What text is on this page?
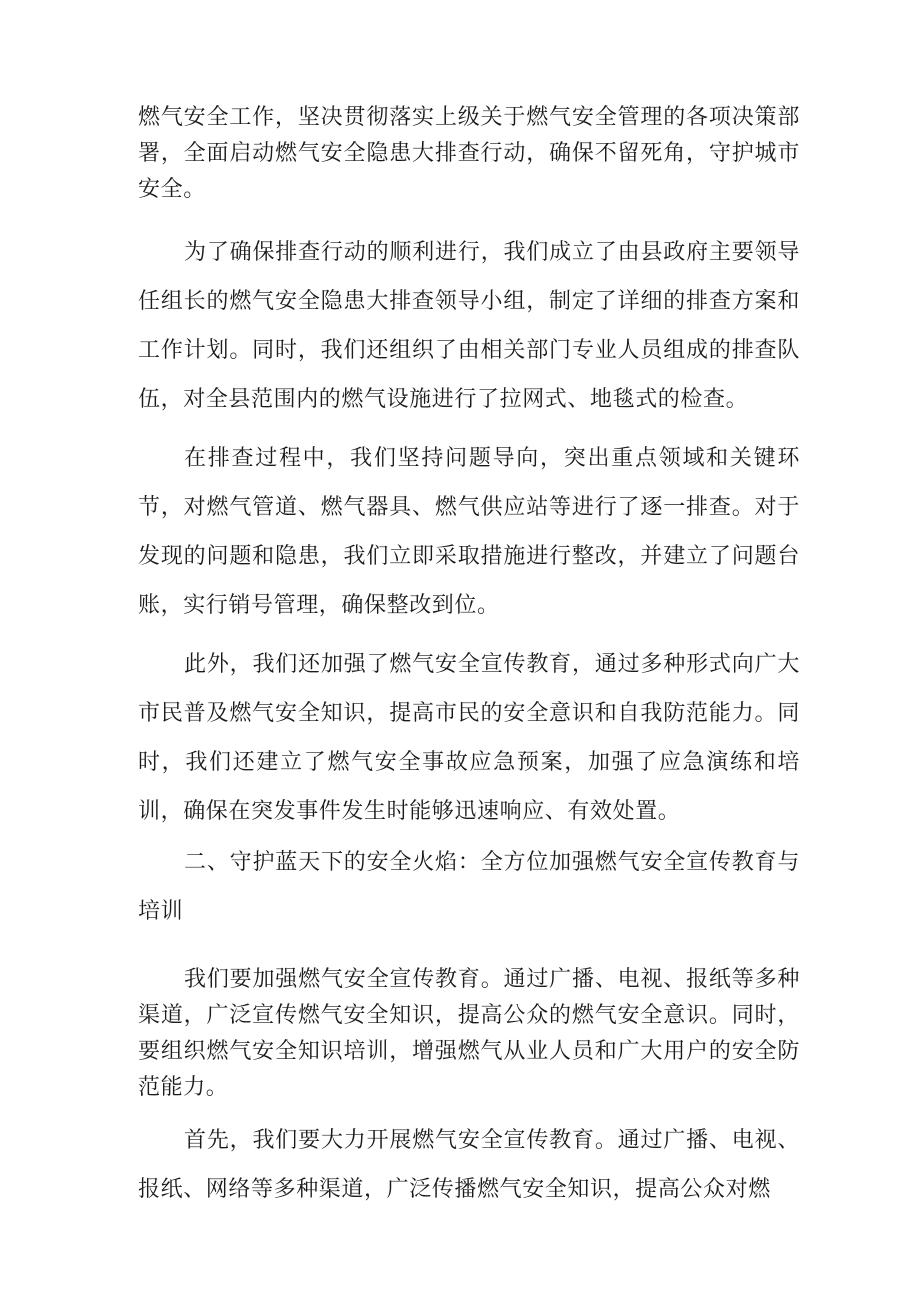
燃气安全工作，坚决贯彻落实上级关于燃气安全管理的各项决策部署，全面启动燃气安全隐患大排查行动，确保不留死角，守护城市安全。

为了确保排查行动的顺利进行，我们成立了由县政府主要领导任组长的燃气安全隐患大排查领导小组，制定了详细的排查方案和工作计划。同时，我们还组织了由相关部门专业人员组成的排查队伍，对全县范围内的燃气设施进行了拉网式、地毯式的检查。

在排查过程中，我们坚持问题导向，突出重点领域和关键环节，对燃气管道、燃气器具、燃气供应站等进行了逐一排查。对于发现的问题和隐患，我们立即采取措施进行整改，并建立了问题台账，实行销号管理，确保整改到位。

此外，我们还加强了燃气安全宣传教育，通过多种形式向广大市民普及燃气安全知识，提高市民的安全意识和自我防范能力。同时，我们还建立了燃气安全事故应急预案，加强了应急演练和培训，确保在突发事件发生时能够迅速响应、有效处置。

二、守护蓝天下的安全火焰：全方位加强燃气安全宣传教育与培训

我们要加强燃气安全宣传教育。通过广播、电视、报纸等多种渠道，广泛宣传燃气安全知识，提高公众的燃气安全意识。同时，要组织燃气安全知识培训，增强燃气从业人员和广大用户的安全防范能力。

首先，我们要大力开展燃气安全宣传教育。通过广播、电视、报纸、网络等多种渠道，广泛传播燃气安全知识，提高公众对燃
